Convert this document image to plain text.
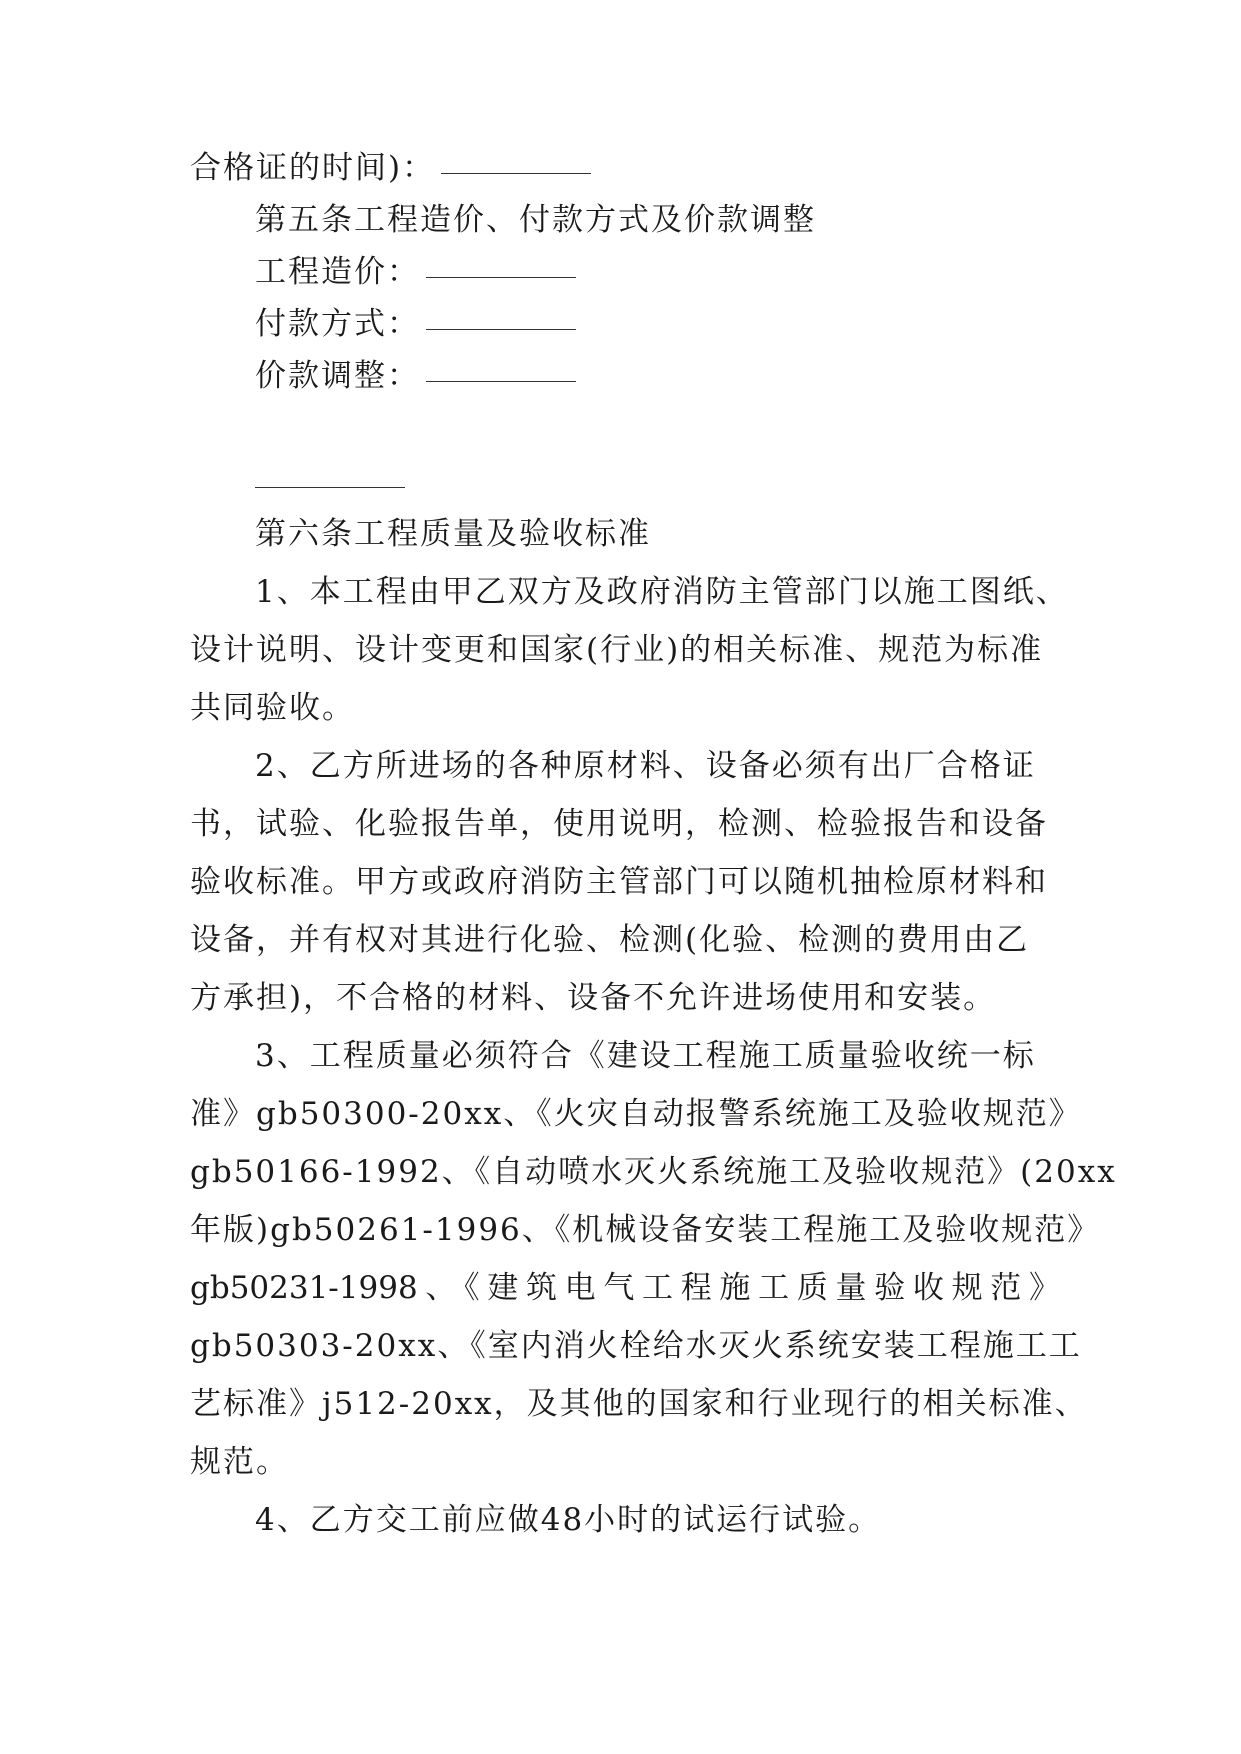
合格证的时间)：
第五条工程造价、付款方式及价款调整
工程造价：
付款方式：
价款调整：
第六条工程质量及验收标准
1、本工程由甲乙双方及政府消防主管部门以施工图纸、
设计说明、设计变更和国家(行业)的相关标准、规范为标准
共同验收。
2、乙方所进场的各种原材料、设备必须有出厂合格证
书，试验、化验报告单，使用说明，检测、检验报告和设备
验收标准。甲方或政府消防主管部门可以随机抽检原材料和
设备，并有权对其进行化验、检测(化验、检测的费用由乙
方承担)，不合格的材料、设备不允许进场使用和安装。
3、工程质量必须符合《建设工程施工质量验收统一标
准》gb50300-20xx、《火灾自动报警系统施工及验收规范》
gb50166-1992、《自动喷水灭火系统施工及验收规范》(20xx
年版)gb50261-1996、《机械设备安装工程施工及验收规范》
gb50231-1998、《建筑电气工程施工质量验收规范》
gb50303-20xx、《室内消火栓给水灭火系统安装工程施工工
艺标准》j512-20xx，及其他的国家和行业现行的相关标准、
规范。
4、乙方交工前应做48小时的试运行试验。
